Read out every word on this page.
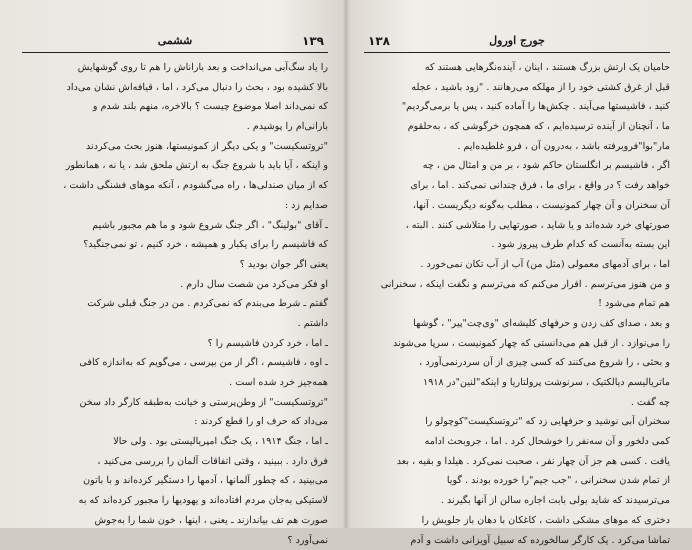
ششمی	۱۳۹
را یاد سگ‌آبی می‌انداخت و بعد باراناش را هم تا روی گوشهایش
بالا کشیده بود ، بحث را دنبال می‌کرد ، اما ، قیافه‌اش نشان می‌داد
که نمی‌داند اصلا موضوع چیست ؟ بالاخره، منهم بلند شدم و
بارانی‌ام را پوشیدم .
"تروتسکیست" و یکی دیگر از کمونیستها، هنوز بحث می‌کردند
و اینکه ، آیا باید با شروع جنگ به ارتش ملحق شد ، یا نه ، همانطور
که از میان صندلی‌ها ، راه می‌گشودم ، آنکه موهای فشنگی داشت ،
صدایم زد :
ـ آقای "بولینگ" ، اگر جنگ شروع شود و ما هم مجبور باشیم
که فاشیسم را برای یکبار و همیشه ، خرد کنیم ، تو نمی‌جنگید؟
یعنی اگر جوان بودید ؟
او فکر می‌کرد من شصت سال دارم .
گفتم ـ شرط می‌بندم که نمی‌کردم . من در جنگ قبلی شرکت
داشتم .
ـ اما ، خرد کردن فاشیسم را ؟
ـ اوه ، فاشیسم ، اگر از من بپرسی ، می‌گویم که به‌اندازه کافی
همه‌جیز خرد شده است .
"تروتسکیست" از وطن‌پرستی و خیانت به‌طبقه کارگر داد سخن
می‌داد که حرف او را قطع کردند :
ـ اما ، جنگ ۱۹۱۴ ، یک جنگ امپریالیستی بود . ولی حالا
فرق دارد . ببینید ، وقتی اتفاقات آلمان را بررسی می‌کنید ،
می‌بینید ، که چطور آلمانها ، آدمها را دستگیر کرده‌اند و با باتون
لاستیکی به‌جان مردم افتاده‌اند و یهودیها را مجبور کرده‌اند که به
صورت هم تف بیاندازند ـ یعنی ، اینها ، خون شما را به‌جوش
نمی‌آورد ؟
جورج اورول
۱۳۸
حامیان یک ارتش بزرگ هستند ، اینان ، آینده‌نگرهایی هستند که
قبل از غرق کشتی خود را از مهلکه می‌رهانند . "زود باشید ، عجله
کنید ، فاشیستها می‌آیند . چکش‌ها را آماده کنید ، پس یا برمی‌گردیم"
ما ، آنچنان از آینده ترسیده‌ایم ، که همچون خرگوشی که ، به‌حلقوم
مار"بوا"فروبرفته باشد ، به‌درون آن ، فرو غلطیده‌ایم .
اگر ، فاشیسم بر انگلستان حاکم شود ، بر من و امثال من ، چه
خواهد رفت ؟ در واقع ، برای ما ، فرق چندانی نمی‌کند . اما ، برای
آن سخنران و آن چهار کمونیست ، مطلب به‌گونه دیگریست . آنها،
صورتهای خرد شده‌اند و یا شاید ، صورتهایی را متلاشی کنند . البته ،
این بسته به‌آنست که کدام طرف پیروز شود .
اما ، برای آدمهای معمولی (مثل من) آب از آب تکان نمی‌خورد .
و من هنوز می‌ترسم . افرار می‌کنم که می‌ترسم و نگفت اینکه ، سخنرانی
هم تمام می‌شود !
و بعد ، صدای کف زدن و حرفهای کلیشه‌ای "وی‌چت"پیر" ، گوشها
را می‌نوازد . از قبل هم می‌دانستی که چهار کمونیست ، سرپا می‌شوند
و بحثی ، را شروع می‌کنند که کسی چیزی از آن سردرنمی‌آورد ،
ماتریالیسم دیالکتیک ، سرنوشت پرولتاریا و اینکه"لنین"در ۱۹۱۸
چه گفت .
سخنران آبی نوشید و حرفهایی زد که "تروتسکیست"کوچولو را
کمی دلخور و آن سه‌نفر را خوشحال کرد . اما ، جروبحث ادامه
یافت . کسی هم جز آن چهار نفر ، صحبت نمی‌کرد . هیلدا و بقیه ، بعد
از تمام شدن سخنرانی ، "جب جیم"را خورده بودند . گویا
می‌ترسیدند که شاید بولی بابت اجاره سالن از آنها بگیرند .
دختری که موهای مشکی داشت ، کاغکان با دهان باز جلویش را
تماشا می‌کرد . یک کارگر سالخورده که سبیل آویزانی داشت و آدم
